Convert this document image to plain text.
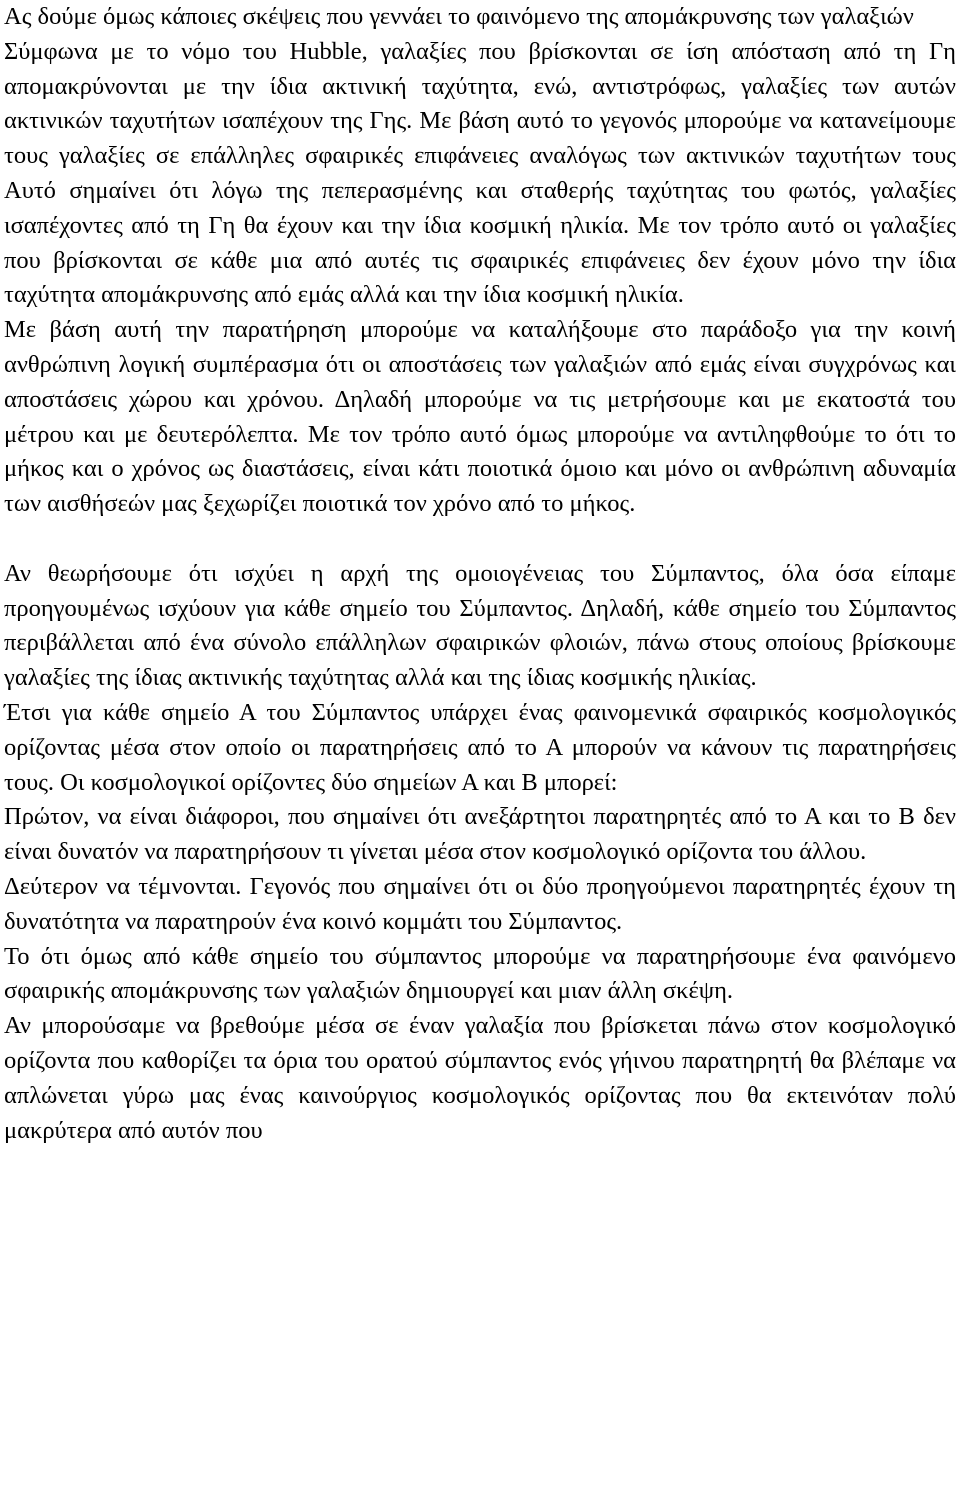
Ας δούμε όμως κάποιες σκέψεις που γεννάει το φαινόμενο της απομάκρυνσης των γαλαξιών

Σύμφωνα με το νόμο του Hubble, γαλαξίες που βρίσκονται σε ίση απόσταση από τη Γη απομακρύνονται με την ίδια ακτινική ταχύτητα, ενώ, αντιστρόφως, γαλαξίες των αυτών ακτινικών ταχυτήτων ισαπέχουν της Γης. Με βάση αυτό το γεγονός μπορούμε να κατανείμουμε τους γαλαξίες σε επάλληλες σφαιρικές επιφάνειες αναλόγως των ακτινικών ταχυτήτων τους Αυτό σημαίνει ότι λόγω της πεπερασμένης και σταθερής ταχύτητας του φωτός, γαλαξίες ισαπέχοντες από τη Γη θα έχουν και την ίδια κοσμική ηλικία. Με τον τρόπο αυτό οι γαλαξίες που βρίσκονται σε κάθε μια από αυτές τις σφαιρικές επιφάνειες δεν έχουν μόνο την ίδια ταχύτητα απομάκρυνσης από εμάς αλλά και την ίδια κοσμική ηλικία.

Με βάση αυτή την παρατήρηση μπορούμε να καταλήξουμε στο παράδοξο για την κοινή ανθρώπινη λογική συμπέρασμα ότι οι αποστάσεις των γαλαξιών από εμάς είναι συγχρόνως και αποστάσεις χώρου και χρόνου. Δηλαδή μπορούμε να τις μετρήσουμε και με εκατοστά του μέτρου και με δευτερόλεπτα. Με τον τρόπο αυτό όμως μπορούμε να αντιληφθούμε το ότι το μήκος και ο χρόνος ως διαστάσεις, είναι κάτι ποιοτικά όμοιο και μόνο οι ανθρώπινη αδυναμία των αισθήσεών μας ξεχωρίζει ποιοτικά τον χρόνο από το μήκος.

Αν θεωρήσουμε ότι ισχύει η αρχή της ομοιογένειας του Σύμπαντος, όλα όσα είπαμε προηγουμένως ισχύουν για κάθε σημείο του Σύμπαντος. Δηλαδή, κάθε σημείο του Σύμπαντος περιβάλλεται από ένα σύνολο επάλληλων σφαιρικών φλοιών, πάνω στους οποίους βρίσκουμε γαλαξίες της ίδιας ακτινικής ταχύτητας αλλά και της ίδιας κοσμικής ηλικίας.

Έτσι για κάθε σημείο Α του Σύμπαντος υπάρχει ένας φαινομενικά σφαιρικός κοσμολογικός ορίζοντας μέσα στον οποίο οι παρατηρήσεις από το Α μπορούν να κάνουν τις παρατηρήσεις τους. Οι κοσμολογικοί ορίζοντες δύο σημείων Α και Β μπορεί:

Πρώτον, να είναι διάφοροι, που σημαίνει ότι ανεξάρτητοι παρατηρητές από το Α και το Β δεν είναι δυνατόν να παρατηρήσουν τι γίνεται μέσα στον κοσμολογικό ορίζοντα του άλλου.

Δεύτερον να τέμνονται. Γεγονός που σημαίνει ότι οι δύο προηγούμενοι παρατηρητές έχουν τη δυνατότητα να παρατηρούν ένα κοινό κομμάτι του Σύμπαντος.

Το ότι όμως από κάθε σημείο του σύμπαντος μπορούμε να παρατηρήσουμε ένα φαινόμενο σφαιρικής απομάκρυνσης των γαλαξιών δημιουργεί και μιαν άλλη σκέψη.

Αν μπορούσαμε να βρεθούμε μέσα σε έναν γαλαξία που βρίσκεται πάνω στον κοσμολογικό ορίζοντα που καθορίζει τα όρια του ορατού σύμπαντος ενός γήινου παρατηρητή θα βλέπαμε να απλώνεται γύρω μας ένας καινούργιος κοσμολογικός ορίζοντας που θα εκτεινόταν πολύ μακρύτερα από αυτόν που
